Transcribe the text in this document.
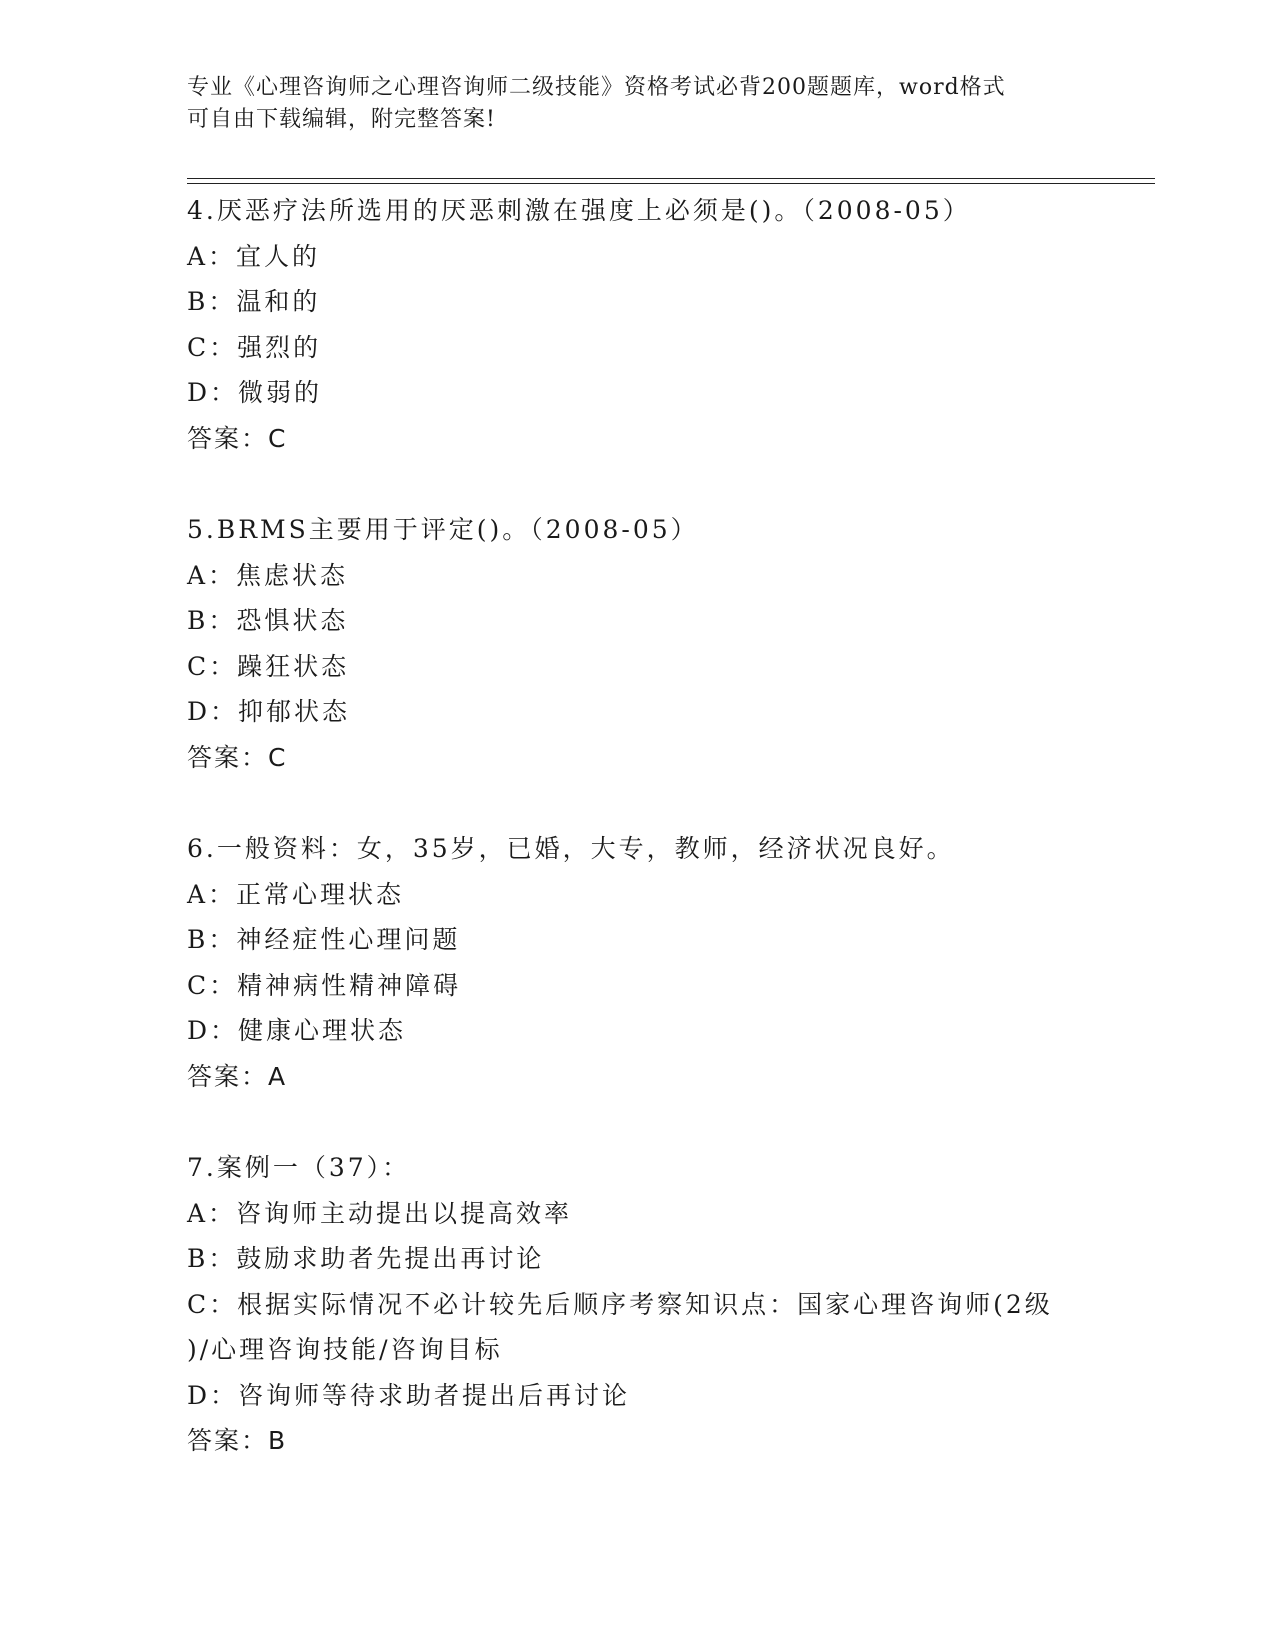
专业《心理咨询师之心理咨询师二级技能》资格考试必背200题题库，word格式
可自由下载编辑，附完整答案!
4.厌恶疗法所选用的厌恶刺激在强度上必须是()。（2008-05）
A：宜人的
B：温和的
C：强烈的
D：微弱的
答案：C
5.BRMS主要用于评定()。（2008-05）
A：焦虑状态
B：恐惧状态
C：躁狂状态
D：抑郁状态
答案：C
6.一般资料：女，35岁，已婚，大专，教师，经济状况良好。
A：正常心理状态
B：神经症性心理问题
C：精神病性精神障碍
D：健康心理状态
答案：A
7.案例一（37）：
A：咨询师主动提出以提高效率
B：鼓励求助者先提出再讨论
C：根据实际情况不必计较先后顺序考察知识点：国家心理咨询师(2级
)/心理咨询技能/咨询目标
D：咨询师等待求助者提出后再讨论
答案：B
